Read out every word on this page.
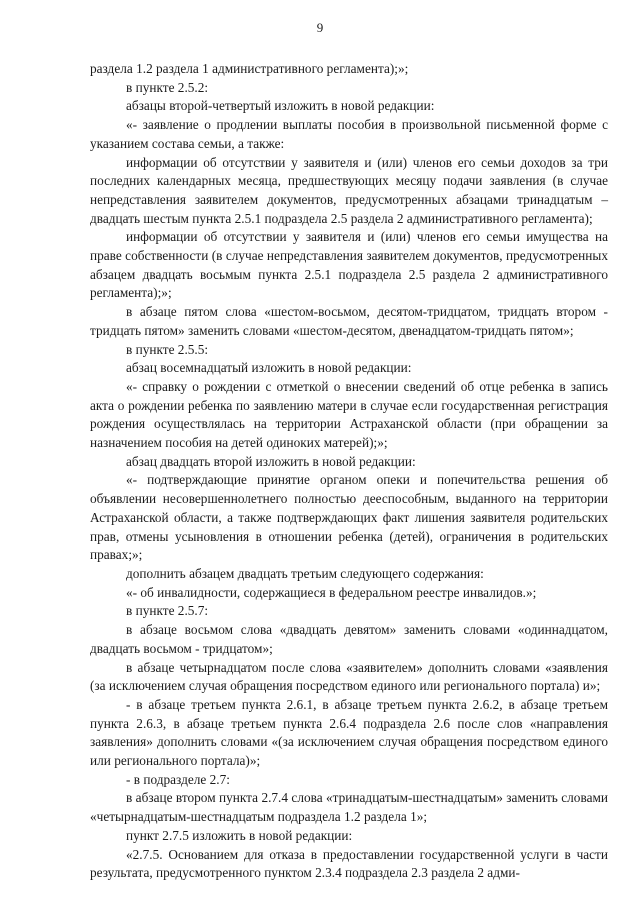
9

раздела 1.2 раздела 1 административного регламента);»;

в пункте 2.5.2:

абзацы второй-четвертый изложить в новой редакции:

«- заявление о продлении выплаты пособия в произвольной письменной форме с указанием состава семьи, а также:

информации об отсутствии у заявителя и (или) членов его семьи доходов за три последних календарных месяца, предшествующих месяцу подачи заявления (в случае непредставления заявителем документов, предусмотренных абзацами тринадцатым – двадцать шестым пункта 2.5.1 подраздела 2.5 раздела 2 административного регламента);

информации об отсутствии у заявителя и (или) членов его семьи имущества на праве собственности (в случае непредставления заявителем документов, предусмотренных абзацем двадцать восьмым пункта 2.5.1 подраздела 2.5 раздела 2 административного регламента);»;

в абзаце пятом слова «шестом-восьмом, десятом-тридцатом, тридцать втором - тридцать пятом» заменить словами «шестом-десятом, двенадцатом-тридцать пятом»;

в пункте 2.5.5:

абзац восемнадцатый изложить в новой редакции:

«- справку о рождении с отметкой о внесении сведений об отце ребенка в запись акта о рождении ребенка по заявлению матери в случае если государственная регистрация рождения осуществлялась на территории Астраханской области (при обращении за назначением пособия на детей одиноких матерей);»;

абзац двадцать второй изложить в новой редакции:

«- подтверждающие принятие органом опеки и попечительства решения об объявлении несовершеннолетнего полностью дееспособным, выданного на территории Астраханской области, а также подтверждающих факт лишения заявителя родительских прав, отмены усыновления в отношении ребенка (детей), ограничения в родительских правах;»;

дополнить абзацем двадцать третьим следующего содержания:

«- об инвалидности, содержащиеся в федеральном реестре инвалидов.»;

в пункте 2.5.7:

в абзаце восьмом слова «двадцать девятом» заменить словами «одиннадцатом, двадцать восьмом - тридцатом»;

в абзаце четырнадцатом после слова «заявителем» дополнить словами «заявления (за исключением случая обращения посредством единого или регионального портала) и»;

- в абзаце третьем пункта 2.6.1, в абзаце третьем пункта 2.6.2, в абзаце третьем пункта 2.6.3, в абзаце третьем пункта 2.6.4 подраздела 2.6 после слов «направления заявления» дополнить словами «(за исключением случая обращения посредством единого или регионального портала)»;

- в подразделе 2.7:

в абзаце втором пункта 2.7.4 слова «тринадцатым-шестнадцатым» заменить словами «четырнадцатым-шестнадцатым подраздела 1.2 раздела 1»;

пункт 2.7.5 изложить в новой редакции:

«2.7.5. Основанием для отказа в предоставлении государственной услуги в части результата, предусмотренного пунктом 2.3.4 подраздела 2.3 раздела 2 адми-
